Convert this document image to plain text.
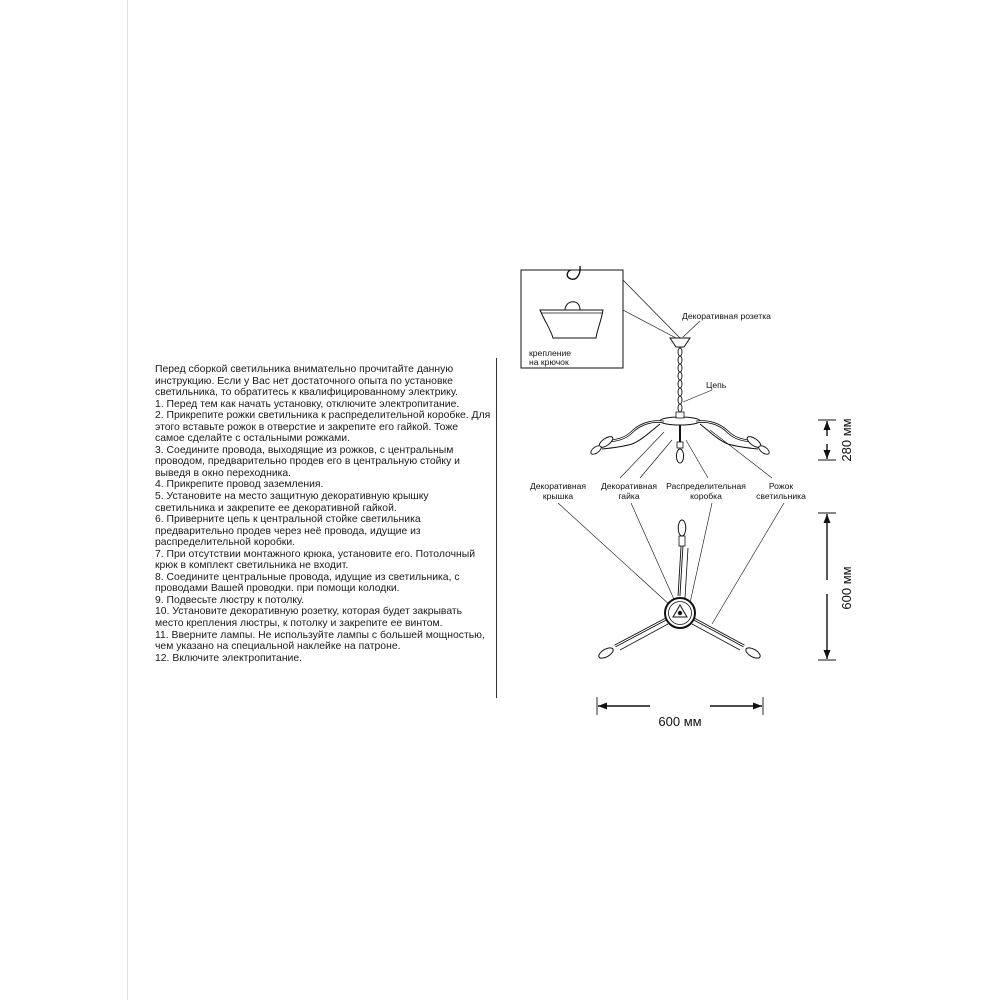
Перед сборкой светильника внимательно прочитайте данную

инструкцию. Если у Вас нет достаточного опыта по установке

светильника, то обратитесь к квалифицированному электрику.

1. Перед тем как начать установку, отключите электропитание.

2. Прикрепите рожки светильника к распределительной коробке. Для

этого вставьте рожок в отверстие и закрепите его гайкой. Тоже

самое сделайте с остальными рожками.

3. Соедините провода, выходящие из рожков, с центральным

проводом, предварительно продев его в центральную стойку и

выведя в окно переходника.

4. Прикрепите провод заземления.

5. Установите на место защитную декоративную крышку

светильника и закрепите ее декоративной гайкой.

6. Приверните цепь к центральной стойке светильника

предварительно продев через неё провода, идущие из

распределительной коробки.

7. При отсутствии монтажного крюка, установите его. Потолочный

крюк в комплект светильника не входит.

8. Соедините центральные провода, идущие из светильника, с

проводами Вашей проводки. при помощи колодки.

9. Подвесьте люстру к потолку.

10. Установите декоративную розетку, которая будет закрывать

место крепления люстры, к потолку и закрепите ее винтом.

11. Вверните лампы. Не используйте лампы с большей мощностью,

чем указано на специальной наклейке на патроне.

12. Включите электропитание.

крепление
на крючок
Декоративная розетка
Цепь
280 мм
Декоративная
крышка
Декоративная
гайка
Распределительная
коробка
Рожок
светильника
600 мм
600 мм
